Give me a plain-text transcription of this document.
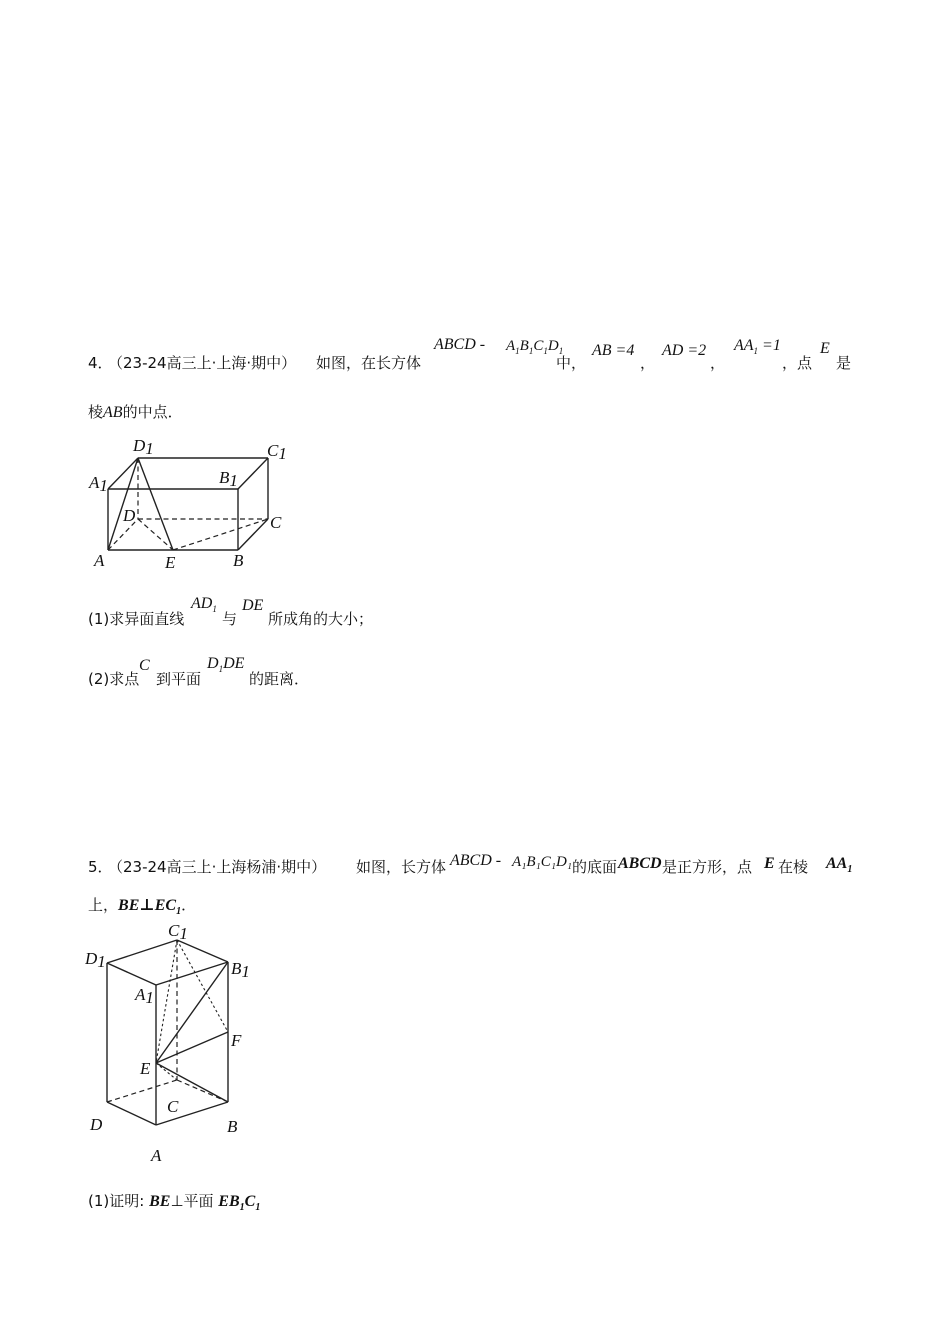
4．
（23-24高三上·上海·期中） 如图，在长方体
ABCD - $A_1B_1C_1D_1$
中，
AB =4
，
AD =2
，
$AA_1 =1$
，点
E
是
棱AB的中点．
D1	C1
A1	B1
D	C
A	E	B
(1)求异面直线
$AD_1$
与
DE
所成角的大小；
(2)求点
C
到平面
$D_1DE$
的距离．
5．
（23-24高三上·上海杨浦·期中） 如图，长方体 ABCD - A₁B₁C₁D₁ 的底面 ABCD 是正方形，点 E 在棱 $AA_1$
上，$BE\perp EC_1$．
C1
D1	B1
A1
F
E
C
D	B
A
(1)证明: BE⊥平面 $EB_1C_1$
